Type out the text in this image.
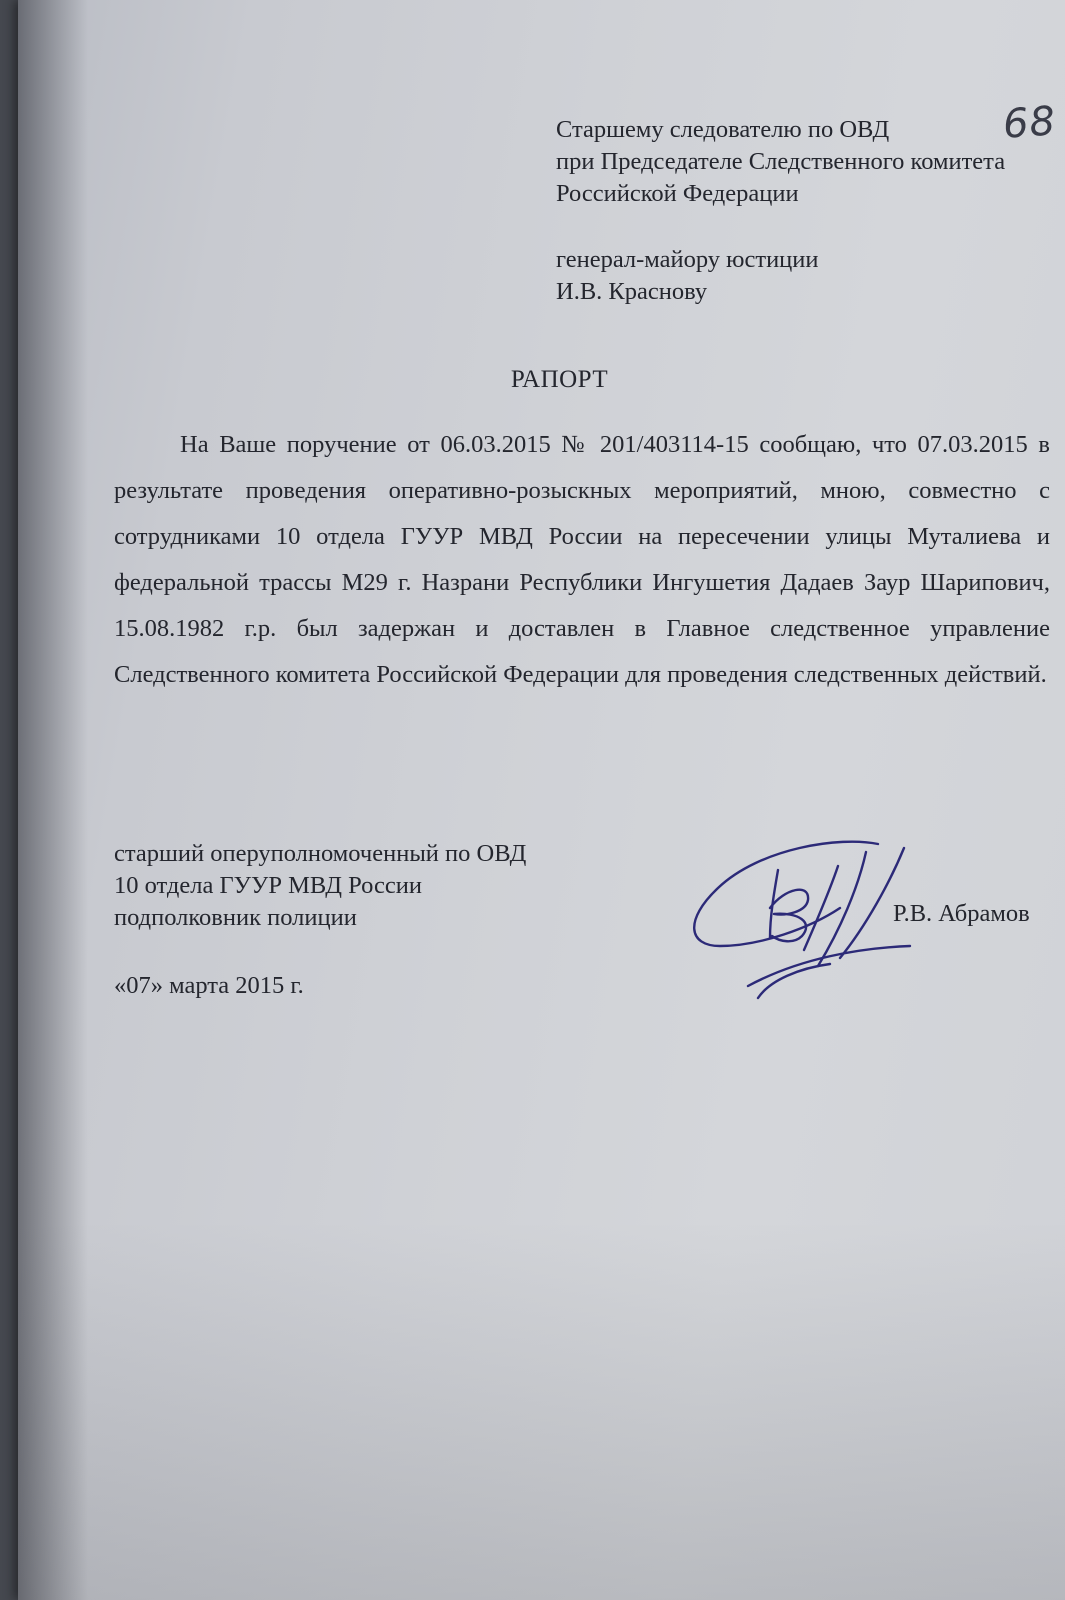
68
Старшему следователю по ОВД
при Председателе Следственного комитета
Российской Федерации
генерал-майору юстиции
И.В. Краснову
РАПОРТ

На Ваше поручение от 06.03.2015 № 201/403114-15 сообщаю, что 07.03.2015 в результате проведения оперативно-розыскных мероприятий, мною, совместно с сотрудниками 10 отдела ГУУР МВД России на пересечении улицы Муталиева и федеральной трассы М29 г. Назрани Республики Ингушетия Дадаев Заур Шарипович, 15.08.1982 г.р. был задержан и доставлен в Главное следственное управление Следственного комитета Российской Федерации для проведения следственных действий.

старший оперуполномоченный по ОВД
10 отдела ГУУР МВД России
подполковник полиции	Р.В. Абрамов
«07» марта 2015 г.
